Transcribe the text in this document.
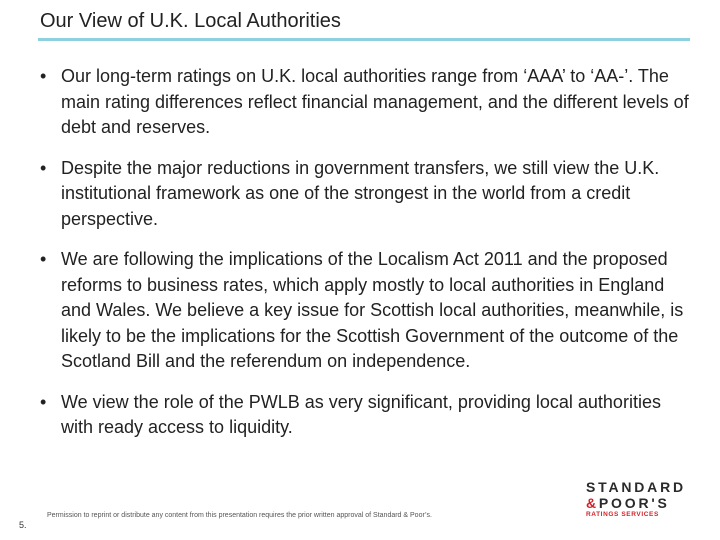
Our View of U.K. Local Authorities
• Our long-term ratings on U.K. local authorities range from ‘AAA’ to ‘AA-’. The main rating differences reflect financial management, and the different levels of debt and reserves.
• Despite the major reductions in government transfers, we still view the U.K. institutional framework as one of the strongest in the world from a credit perspective.
• We are following the implications of the Localism Act 2011 and the proposed reforms to business rates, which apply mostly to local authorities in England and Wales. We believe a key issue for Scottish local authorities, meanwhile, is likely to be the implications for the Scottish Government of the outcome of the Scotland Bill and the referendum on independence.
• We view the role of the PWLB as very significant, providing local authorities with ready access to liquidity.
Permission to reprint or distribute any content from this presentation requires the prior written approval of Standard & Poor’s.
5.
STANDARD
&POOR'S
RATINGS SERVICES
